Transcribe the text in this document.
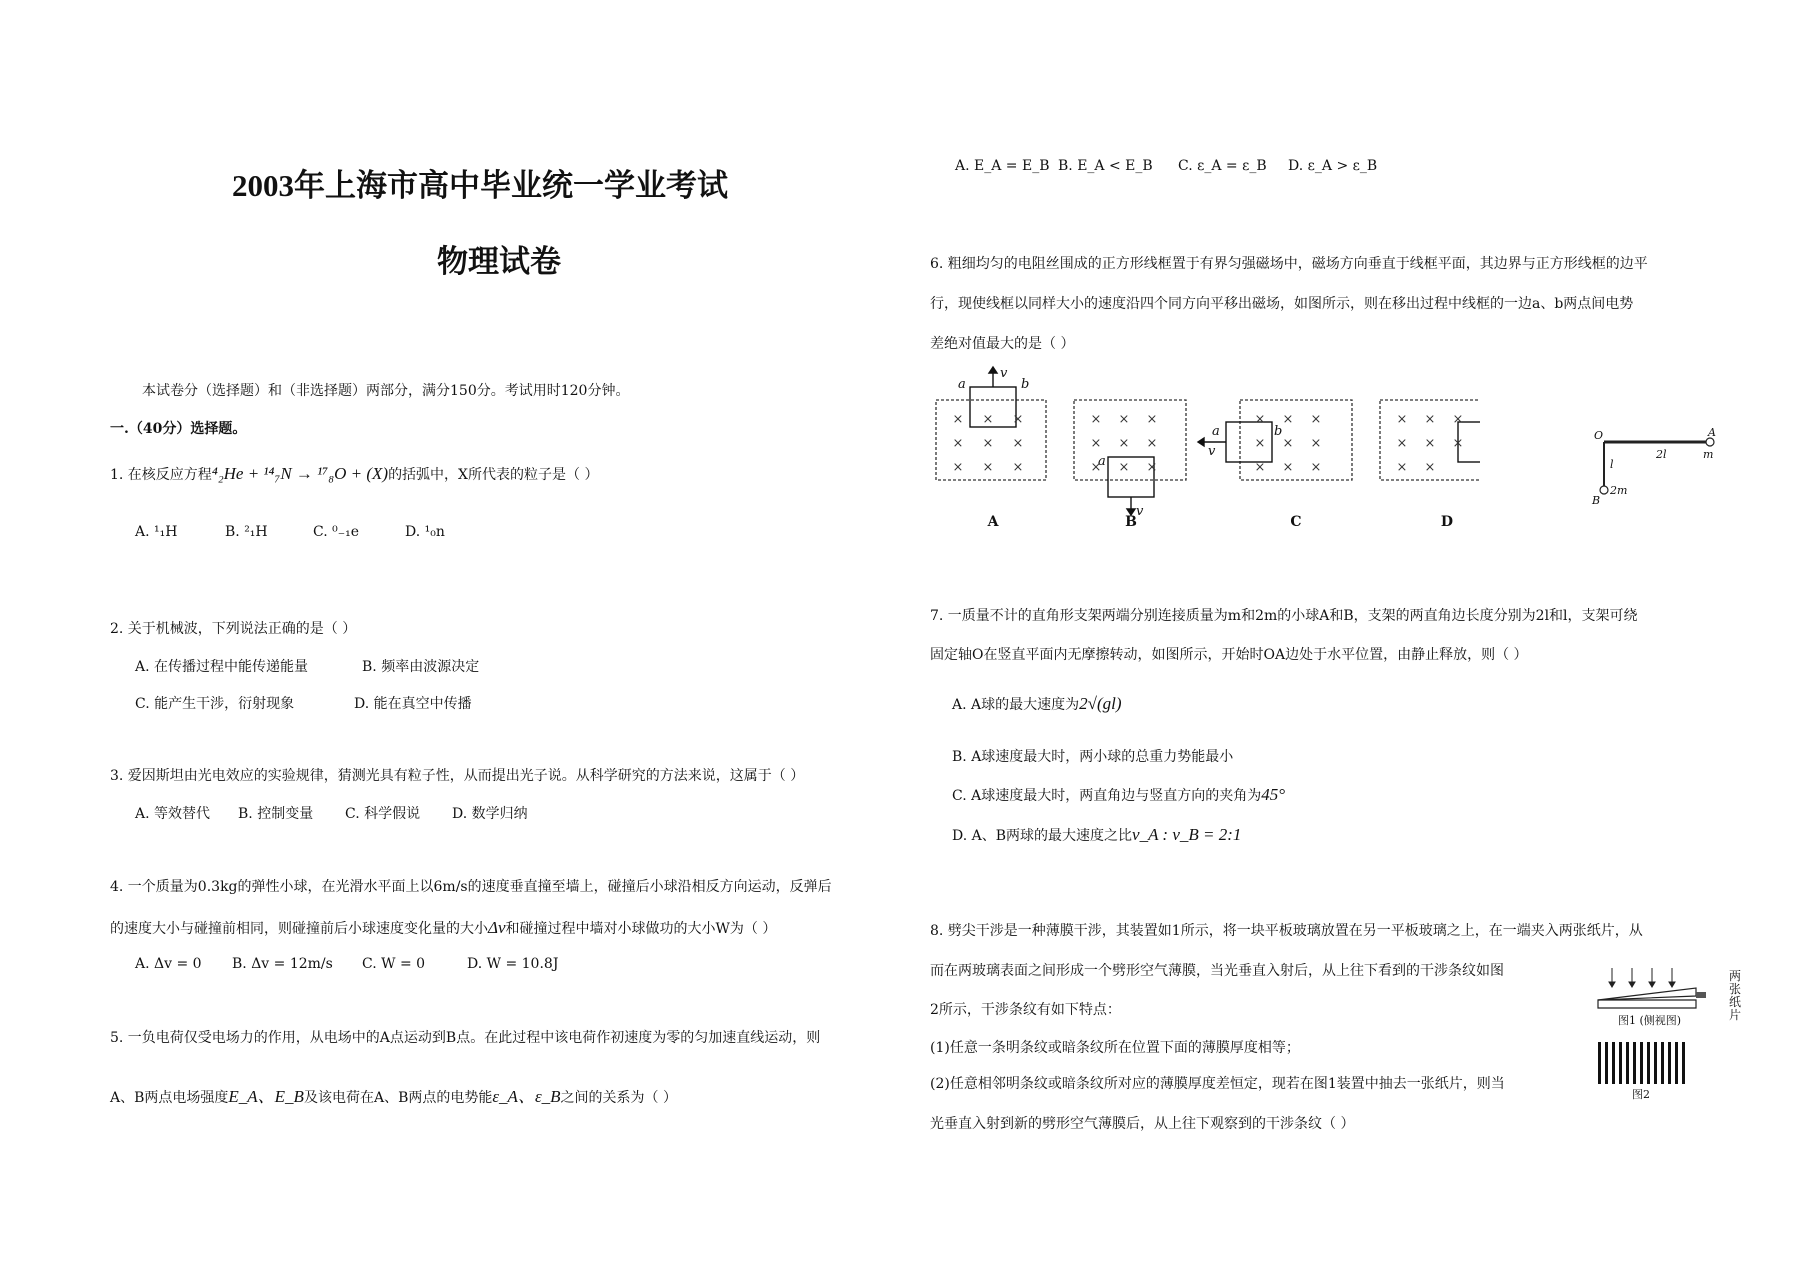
2003年上海市高中毕业统一学业考试
物理试卷
本试卷分（选择题）和（非选择题）两部分，满分150分。考试用时120分钟。
一.（40分）选择题。
1. 在核反应方程⁴₂He + ¹⁴₇N → ¹⁷₈O + (X)的括弧中，X所代表的粒子是（ ）
A. ¹₁H	B. ²₁H	C. ⁰₋₁e	D. ¹₀n
2. 关于机械波，下列说法正确的是（ ）
A. 在传播过程中能传递能量	B. 频率由波源决定
C. 能产生干涉，衍射现象	D. 能在真空中传播
3. 爱因斯坦由光电效应的实验规律，猜测光具有粒子性，从而提出光子说。从科学研究的方法来说，这属于（ ）
A. 等效替代 B. 控制变量 C. 科学假说 D. 数学归纳
4. 一个质量为0.3kg的弹性小球，在光滑水平面上以6m/s的速度垂直撞至墙上，碰撞后小球沿相反方向运动，反弹后
的速度大小与碰撞前相同，则碰撞前后小球速度变化量的大小Δv和碰撞过程中墙对小球做功的大小W为（ ）
A. Δv = 0 B. Δv = 12m/s C. W = 0	D. W = 10.8J
5. 一负电荷仅受电场力的作用，从电场中的A点运动到B点。在此过程中该电荷作初速度为零的匀加速直线运动，则
A、B两点电场强度E_A、E_B及该电荷在A、B两点的电势能ε_A、ε_B之间的关系为（ ）
A. E_A = E_B B. E_A < E_B C. ε_A = ε_B D. ε_A > ε_B
6. 粗细均匀的电阻丝围成的正方形线框置于有界匀强磁场中，磁场方向垂直于线框平面，其边界与正方形线框的边平
行，现使线框以同样大小的速度沿四个同方向平移出磁场，如图所示，则在移出过程中线框的一边a、b两点间电势
差绝对值最大的是（ ）
× × ×
× × ×
× × ×
× × ×
× × ×
× × ×
× × ×
× × ×
× × ×
× × ×
× × ×
× ×
a	b
v
a
v
a	b
v
A	B	C	D
O	A
2l	m
l
B
2m
7. 一质量不计的直角形支架两端分别连接质量为m和2m的小球A和B，支架的两直角边长度分别为2l和l，支架可绕
固定轴O在竖直平面内无摩擦转动，如图所示，开始时OA边处于水平位置，由静止释放，则（ ）
A. A球的最大速度为2√(gl)
B. A球速度最大时，两小球的总重力势能最小
C. A球速度最大时，两直角边与竖直方向的夹角为45°
D. A、B两球的最大速度之比v_A : v_B = 2:1
8. 劈尖干涉是一种薄膜干涉，其装置如1所示，将一块平板玻璃放置在另一平板玻璃之上，在一端夹入两张纸片，从
而在两玻璃表面之间形成一个劈形空气薄膜，当光垂直入射后，从上往下看到的干涉条纹如图
2所示，干涉条纹有如下特点：
(1)任意一条明条纹或暗条纹所在位置下面的薄膜厚度相等；
(2)任意相邻明条纹或暗条纹所对应的薄膜厚度差恒定，现若在图1装置中抽去一张纸片，则当
光垂直入射到新的劈形空气薄膜后，从上往下观察到的干涉条纹（ ）
图1 (侧视图)
两张纸片
图2
